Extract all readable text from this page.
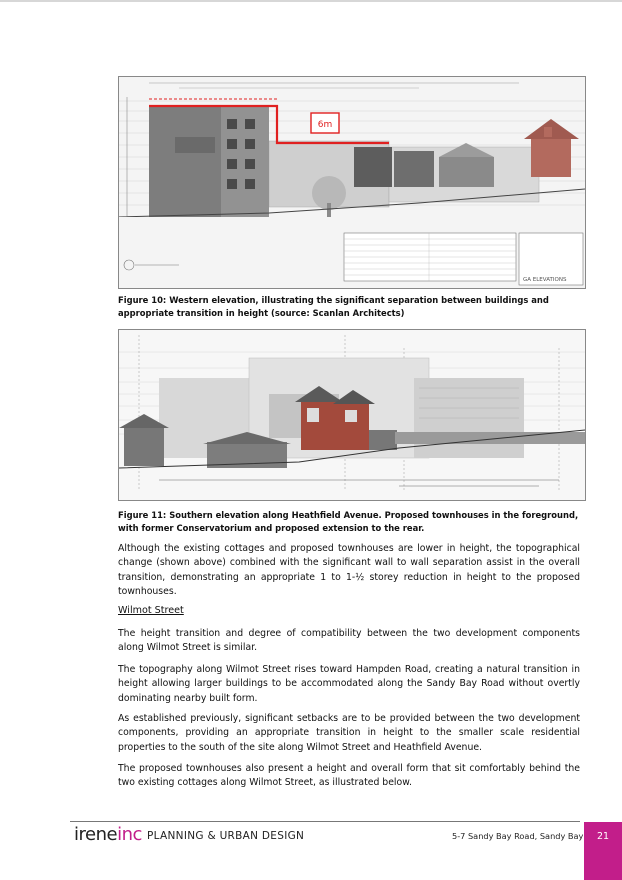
6m
GA ELEVATIONS
Figure 10: Western elevation, illustrating the significant separation between buildings and appropriate transition in height (source: Scanlan Architects)
Figure 11: Southern elevation along Heathfield Avenue. Proposed townhouses in the foreground, with former Conservatorium and proposed extension to the rear.

Although the existing cottages and proposed townhouses are lower in height, the topographical change (shown above) combined with the significant wall to wall separation assist in the overall transition, demonstrating an appropriate 1 to 1-½ storey reduction in height to the proposed townhouses.

Wilmot Street

The height transition and degree of compatibility between the two development components along Wilmot Street is similar.

The topography along Wilmot Street rises toward Hampden Road, creating a natural transition in height allowing larger buildings to be accommodated along the Sandy Bay Road without overtly dominating nearby built form.

As established previously, significant setbacks are to be provided between the two development components, providing an appropriate transition in height to the smaller scale residential properties to the south of the site along Wilmot Street and Heathfield Avenue.

The proposed townhouses also present a height and overall form that sit comfortably behind the two existing cottages along Wilmot Street, as illustrated below.

ireneinc PLANNING & URBAN DESIGN	5-7 Sandy Bay Road, Sandy Bay	21
